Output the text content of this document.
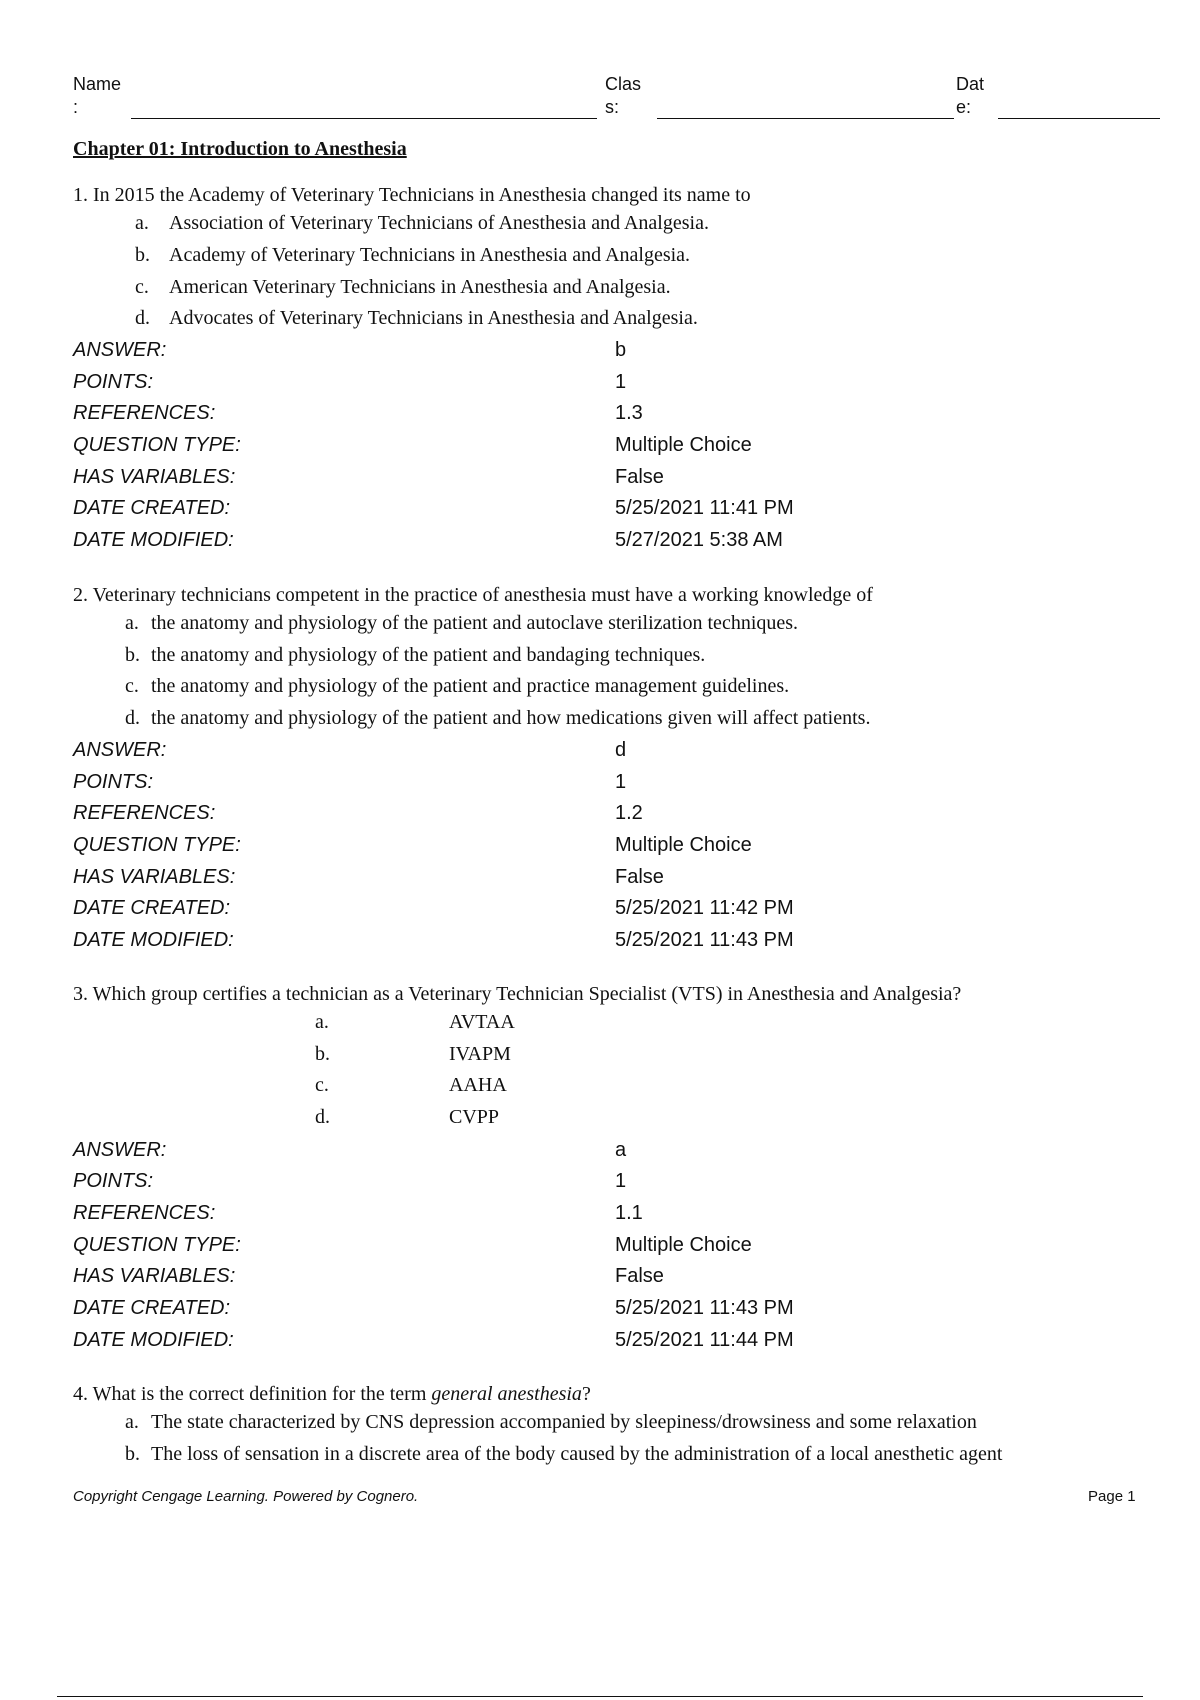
Name
:
Clas
s:
Dat
e:
Chapter 01: Introduction to Anesthesia
1. In 2015 the Academy of Veterinary Technicians in Anesthesia changed its name to
a. Association of Veterinary Technicians of Anesthesia and Analgesia.
b. Academy of Veterinary Technicians in Anesthesia and Analgesia.
c. American Veterinary Technicians in Anesthesia and Analgesia.
d. Advocates of Veterinary Technicians in Anesthesia and Analgesia.
ANSWER:	b
POINTS:	1
REFERENCES:	1.3
QUESTION TYPE:	Multiple Choice
HAS VARIABLES:	False
DATE CREATED:	5/25/2021 11:41 PM
DATE MODIFIED:	5/27/2021 5:38 AM
2. Veterinary technicians competent in the practice of anesthesia must have a working knowledge of
a. the anatomy and physiology of the patient and autoclave sterilization techniques.
b. the anatomy and physiology of the patient and bandaging techniques.
c. the anatomy and physiology of the patient and practice management guidelines.
d. the anatomy and physiology of the patient and how medications given will affect patients.
ANSWER:	d
POINTS:	1
REFERENCES:	1.2
QUESTION TYPE:	Multiple Choice
HAS VARIABLES:	False
DATE CREATED:	5/25/2021 11:42 PM
DATE MODIFIED:	5/25/2021 11:43 PM
3. Which group certifies a technician as a Veterinary Technician Specialist (VTS) in Anesthesia and Analgesia?
a.	AVTAA
b.	IVAPM
c.	AAHA
d.	CVPP
ANSWER:	a
POINTS:	1
REFERENCES:	1.1
QUESTION TYPE:	Multiple Choice
HAS VARIABLES:	False
DATE CREATED:	5/25/2021 11:43 PM
DATE MODIFIED:	5/25/2021 11:44 PM
4. What is the correct definition for the term general anesthesia?
a. The state characterized by CNS depression accompanied by sleepiness/drowsiness and some relaxation
b. The loss of sensation in a discrete area of the body caused by the administration of a local anesthetic agent
Copyright Cengage Learning. Powered by Cognero.	Page 1
